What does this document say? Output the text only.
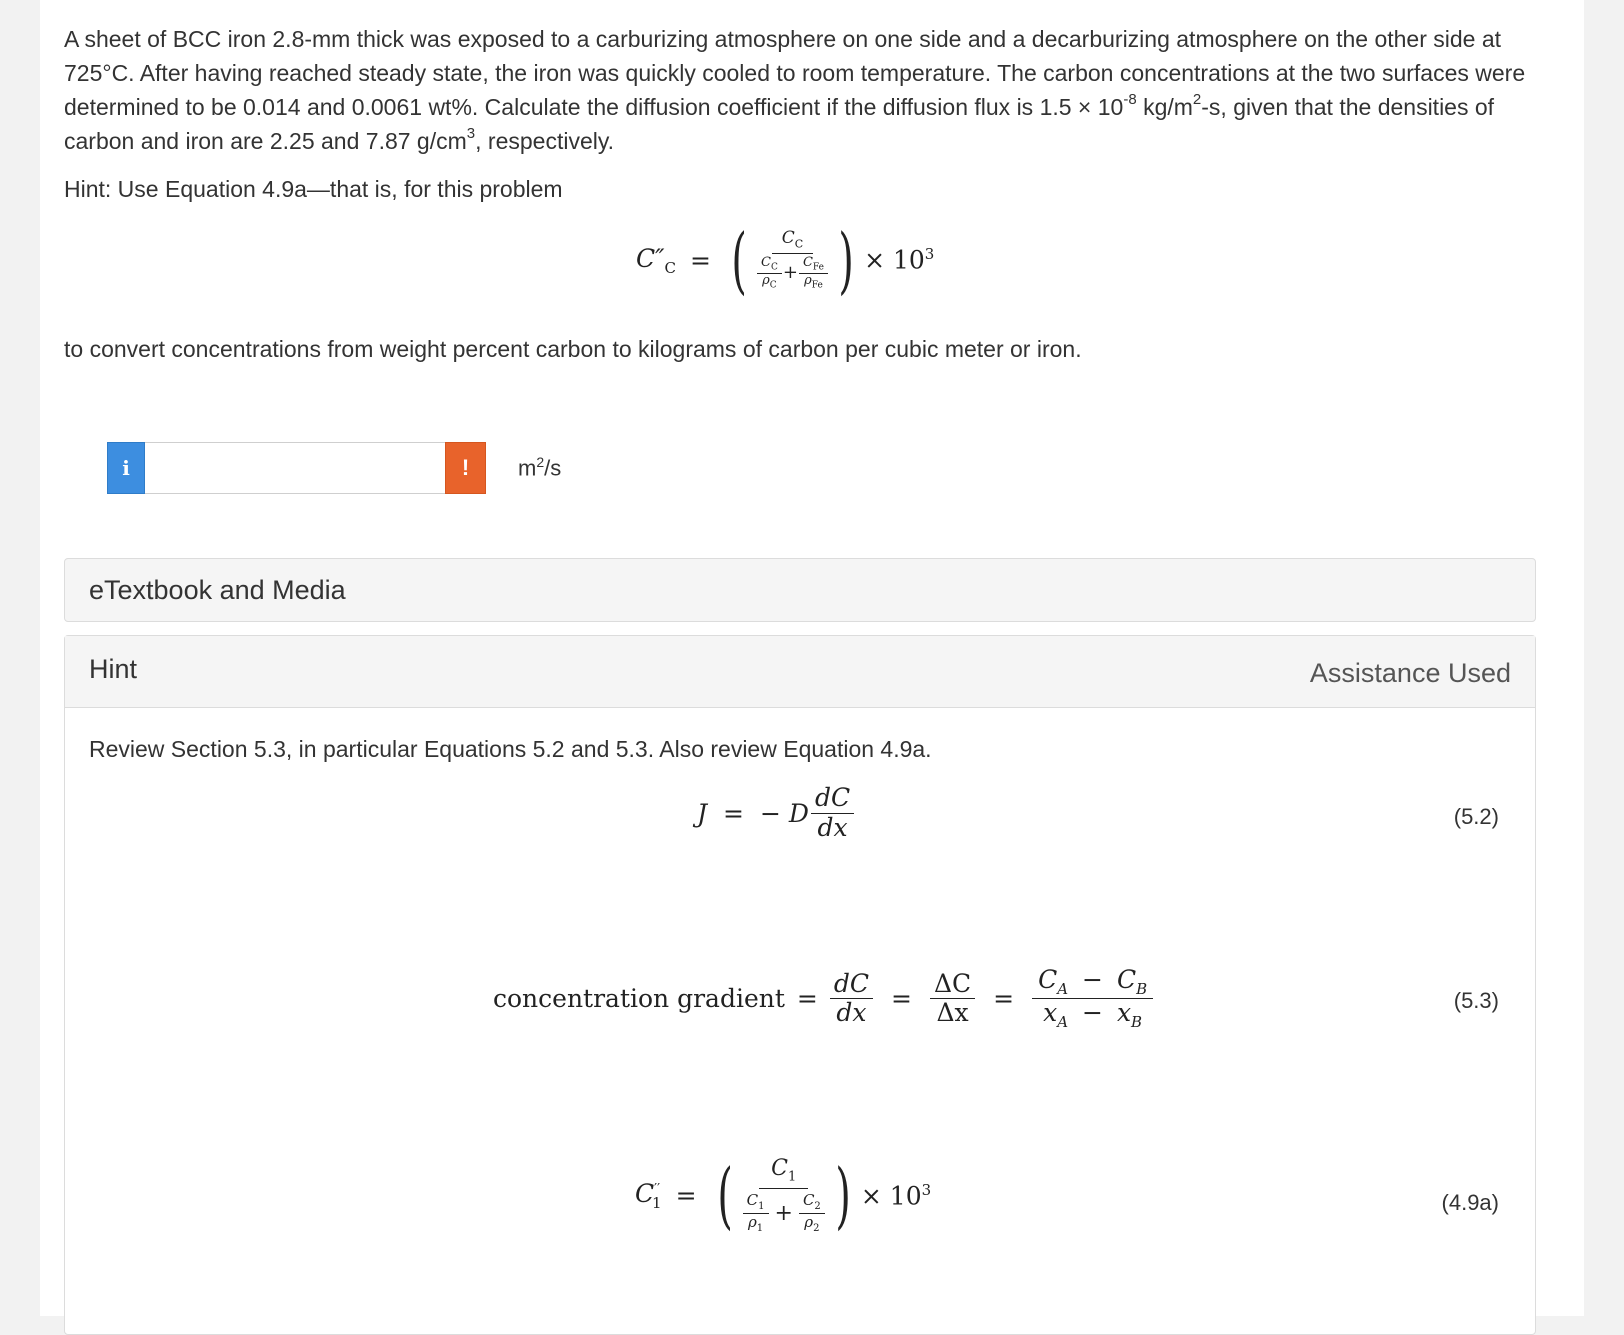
A sheet of BCC iron 2.8-mm thick was exposed to a carburizing atmosphere on one side and a decarburizing atmosphere on the other side at 725°C. After having reached steady state, the iron was quickly cooled to room temperature. The carbon concentrations at the two surfaces were determined to be 0.014 and 0.0061 wt%. Calculate the diffusion coefficient if the diffusion flux is $1.5 \times 10^{-8}$ $kg/m^2-s$, given that the densities of carbon and iron are 2.25 and 7.87 $g/cm^3$, respectively.
Hint: Use Equation 4.9a—that is, for this problem
$C''_C$ = ( $\frac{C_C}{\frac{C_C}{\rho_C} + \frac{C_{Fe}}{\rho_{Fe}}}$ ) × $10^3$
to convert concentrations from weight percent carbon to kilograms of carbon per cubic meter or iron.
i	! $m^2/s$
eTextbook and Media
Hint	Assistance Used
Review Section 5.3, in particular Equations 5.2 and 5.3. Also review Equation 4.9a.
J = − D $\frac{dC}{dx}$	(5.2)
concentration gradient = $\frac{dC}{dx} = \frac{\Delta C}{\Delta x} = \frac{C_A - C_B}{x_A - x_B}$	(5.3)
$C''_1$ = ( $\frac{C_1}{\frac{C_1}{\rho_1} + \frac{C_2}{\rho_2}}$ ) × $10^3$
(4.9a)
